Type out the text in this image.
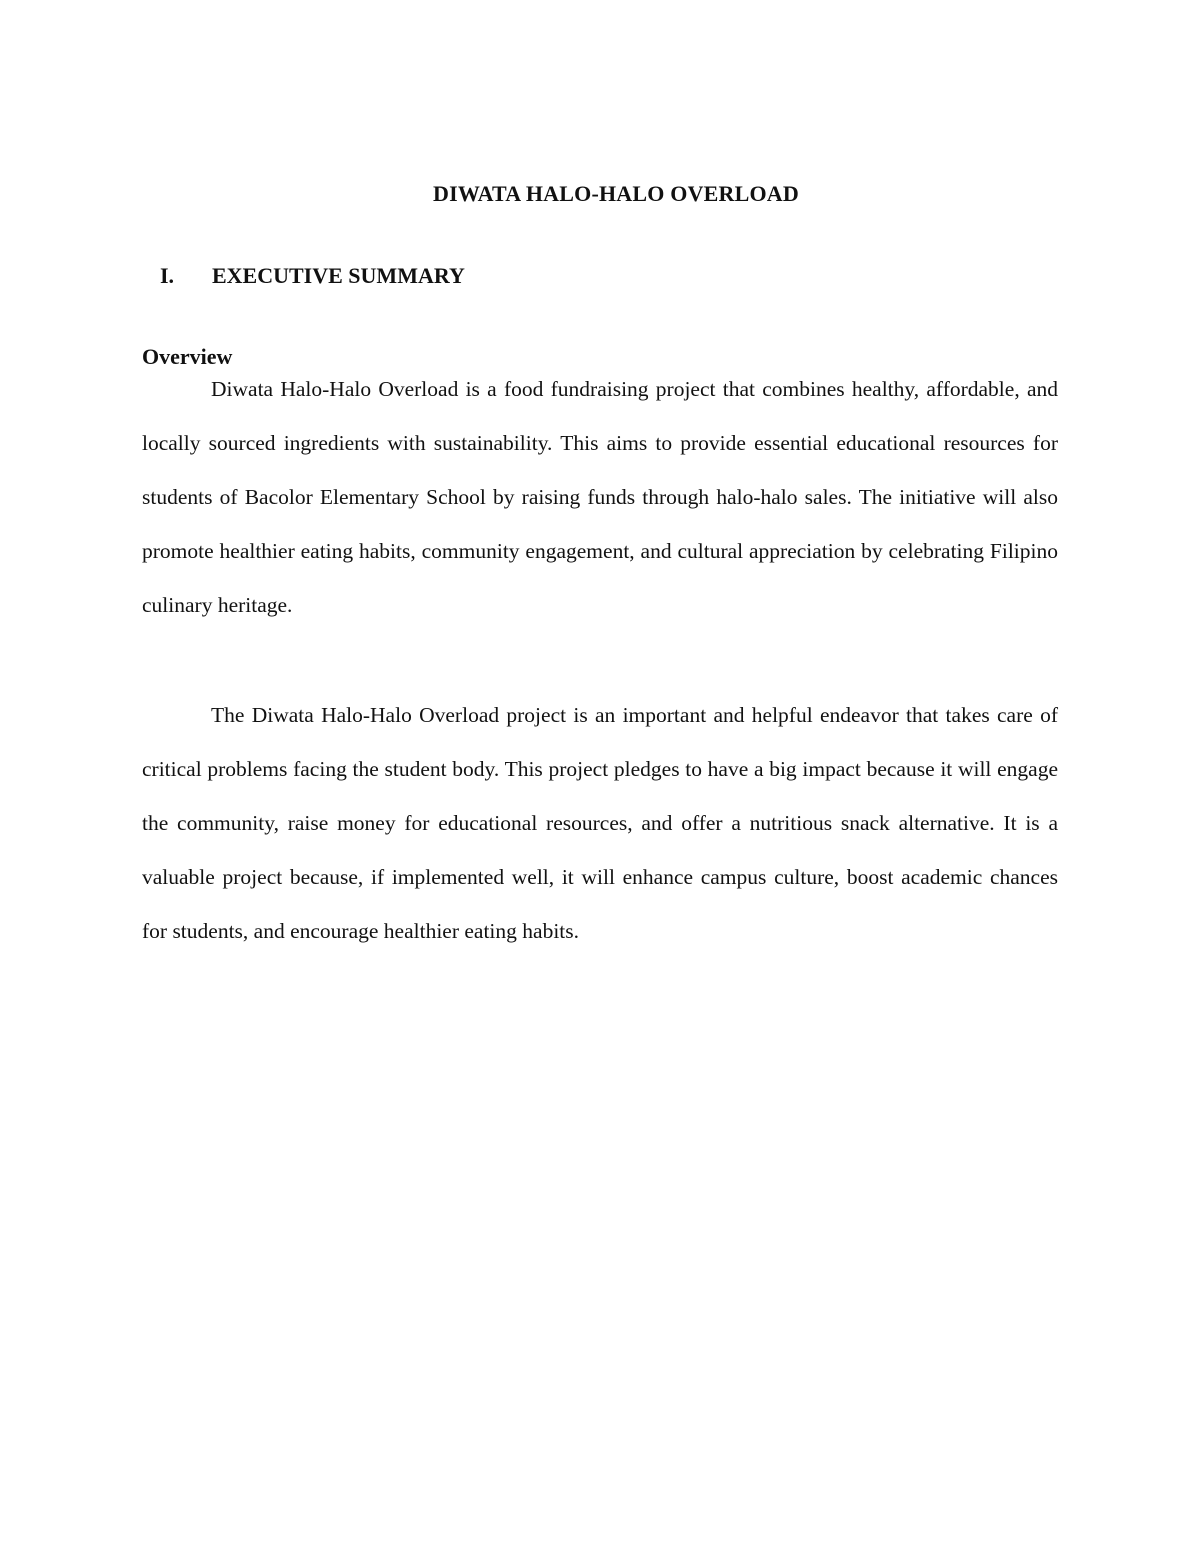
DIWATA HALO-HALO OVERLOAD
I. EXECUTIVE SUMMARY
Overview

Diwata Halo-Halo Overload is a food fundraising project that combines healthy, affordable, and locally sourced ingredients with sustainability. This aims to provide essential educational resources for students of Bacolor Elementary School by raising funds through halo-halo sales. The initiative will also promote healthier eating habits, community engagement, and cultural appreciation by celebrating Filipino culinary heritage.

The Diwata Halo-Halo Overload project is an important and helpful endeavor that takes care of critical problems facing the student body. This project pledges to have a big impact because it will engage the community, raise money for educational resources, and offer a nutritious snack alternative. It is a valuable project because, if implemented well, it will enhance campus culture, boost academic chances for students, and encourage healthier eating habits.
